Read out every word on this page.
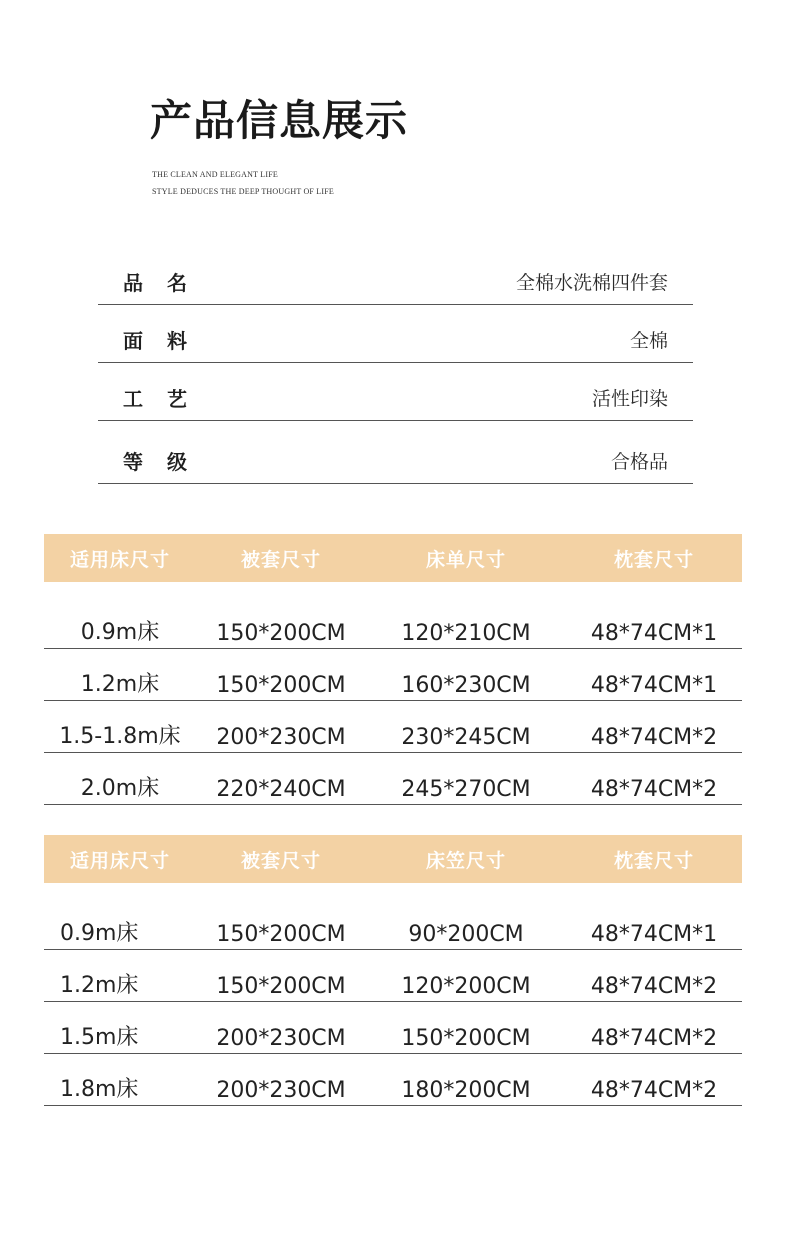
产品信息展示
THE CLEAN AND ELEGANT LIFE
STYLE DEDUCES THE DEEP THOUGHT OF LIFE
品名	全棉水洗棉四件套
面料	全棉
工艺	活性印染
等级	合格品
适用床尺寸	被套尺寸	床单尺寸	枕套尺寸
0.9m床	150*200CM	120*210CM	48*74CM*1
1.2m床	150*200CM	160*230CM	48*74CM*1
1.5-1.8m床	200*230CM	230*245CM	48*74CM*2
2.0m床	220*240CM	245*270CM	48*74CM*2
适用床尺寸	被套尺寸	床笠尺寸	枕套尺寸
0.9m床	150*200CM	90*200CM	48*74CM*1
1.2m床	150*200CM	120*200CM	48*74CM*2
1.5m床	200*230CM	150*200CM	48*74CM*2
1.8m床	200*230CM	180*200CM	48*74CM*2
